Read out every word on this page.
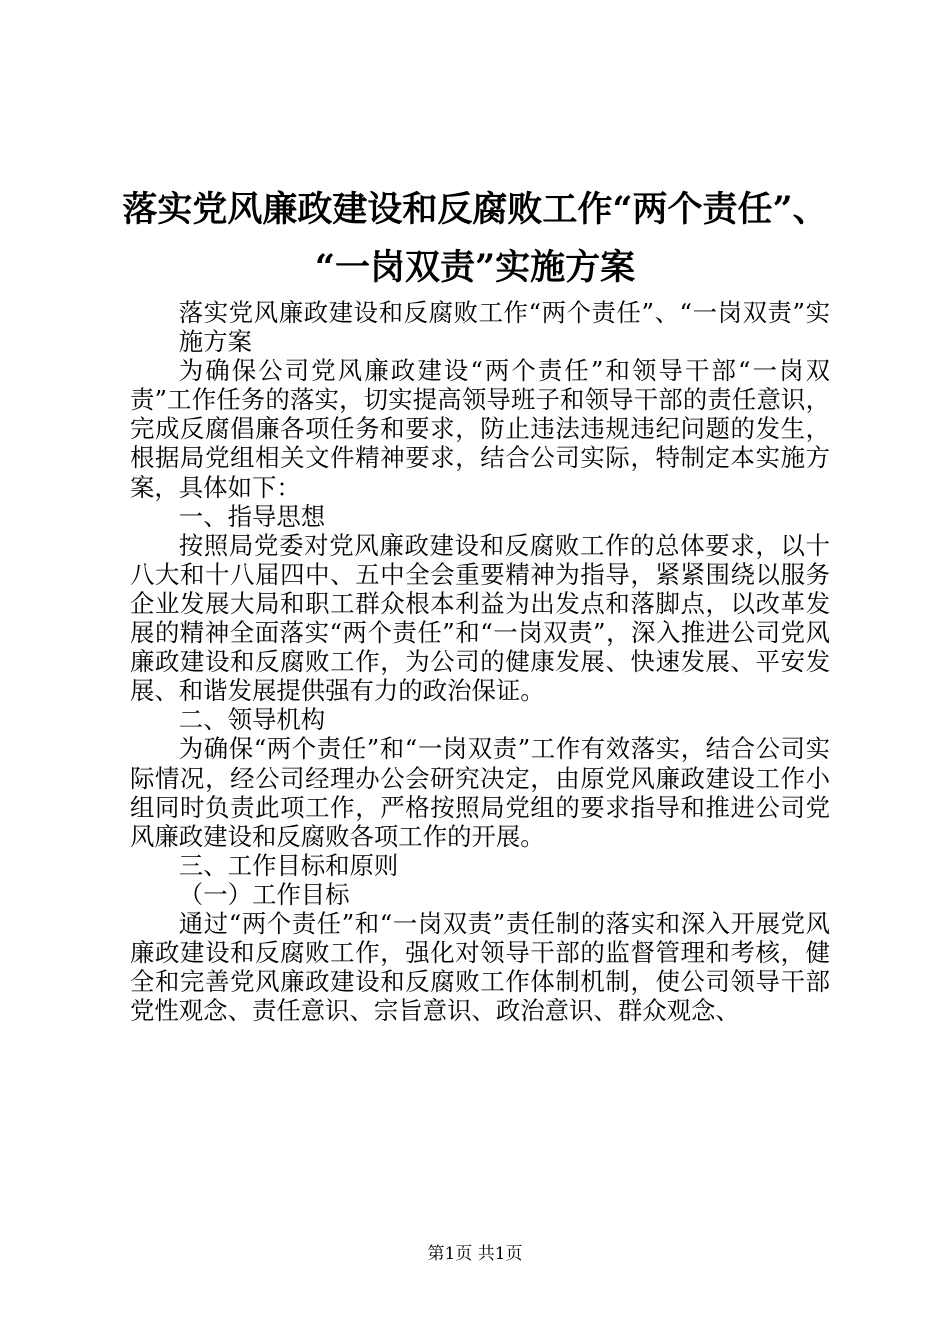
落实党风廉政建设和反腐败工作“两个责任”、
“一岗双责”实施方案

落实党风廉政建设和反腐败工作“两个责任”、“一岗双责”实施方案

为确保公司党风廉政建设“两个责任”和领导干部“一岗双责”工作任务的落实，切实提高领导班子和领导干部的责任意识，完成反腐倡廉各项任务和要求，防止违法违规违纪问题的发生，根据局党组相关文件精神要求，结合公司实际，特制定本实施方案，具体如下：

一、指导思想

按照局党委对党风廉政建设和反腐败工作的总体要求，以十八大和十八届四中、五中全会重要精神为指导，紧紧围绕以服务企业发展大局和职工群众根本利益为出发点和落脚点，以改革发展的精神全面落实“两个责任”和“一岗双责”，深入推进公司党风廉政建设和反腐败工作，为公司的健康发展、快速发展、平安发展、和谐发展提供强有力的政治保证。

二、领导机构

为确保“两个责任”和“一岗双责”工作有效落实，结合公司实际情况，经公司经理办公会研究决定，由原党风廉政建设工作小组同时负责此项工作，严格按照局党组的要求指导和推进公司党风廉政建设和反腐败各项工作的开展。

三、工作目标和原则

（一）工作目标

通过“两个责任”和“一岗双责”责任制的落实和深入开展党风廉政建设和反腐败工作，强化对领导干部的监督管理和考核，健全和完善党风廉政建设和反腐败工作体制机制，使公司领导干部党性观念、责任意识、宗旨意识、政治意识、群众观念、

第1页 共1页
